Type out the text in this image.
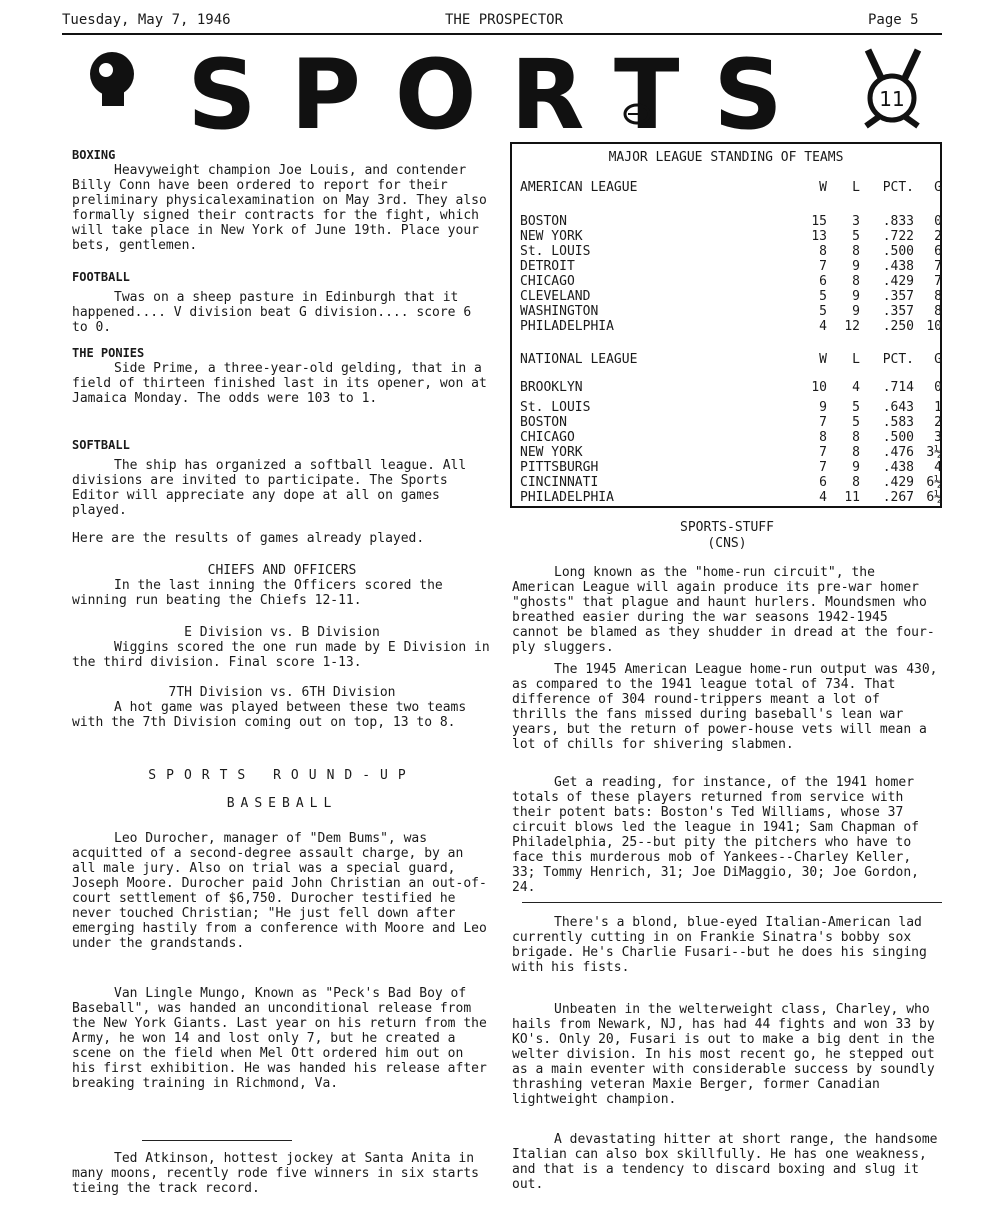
Tuesday, May 7, 1946	THE PROSPECTOR	Page 5
SPORTS	11

BOXING

Heavyweight champion Joe Louis, and contender Billy Conn have been ordered to report for their preliminary physicalexamination on May 3rd. They also formally signed their contracts for the fight, which will take place in New York of June 19th. Place your bets, gentlemen.

FOOTBALL

Twas on a sheep pasture in Edinburgh that it happened.... V division beat G division.... score 6 to 0.

THE PONIES

Side Prime, a three-year-old gelding, that in a field of thirteen finished last in its opener, won at Jamaica Monday. The odds were 103 to 1.

SOFTBALL

The ship has organized a softball league. All divisions are invited to participate. The Sports Editor will appreciate any dope at all on games played.

Here are the results of games already played.

CHIEFS AND OFFICERS

In the last inning the Officers scored the winning run beating the Chiefs 12-11.

E Division vs. B Division

Wiggins scored the one run made by E Division in the third division. Final score 1-13.

7TH Division vs. 6TH Division

A hot game was played between these two teams with the 7th Division coming out on top, 13 to 8.

SPORTS ROUND-UP

BASEBALL

Leo Durocher, manager of "Dem Bums", was acquitted of a second-degree assault charge, by an all male jury. Also on trial was a special guard, Joseph Moore. Durocher paid John Christian an out-of-court settlement of $6,750. Durocher testified he never touched Christian; "He just fell down after emerging hastily from a conference with Moore and Leo under the grandstands.

Van Lingle Mungo, Known as "Peck's Bad Boy of Baseball", was handed an unconditional release from the New York Giants. Last year on his return from the Army, he won 14 and lost only 7, but he created a scene on the field when Mel Ott ordered him out on his first exhibition. He was handed his release after breaking training in Richmond, Va.

Ted Atkinson, hottest jockey at Santa Anita in many moons, recently rode five winners in six starts tieing the track record.

MAJOR LEAGUE STANDING OF TEAMS
AMERICAN LEAGUE	W	L	PCT.	G
BOSTON	15	3	.833	0
NEW YORK	13	5	.722	2
St. LOUIS	8	8	.500	6
DETROIT	7	9	.438	7
CHICAGO	6	8	.429	7
CLEVELAND	5	9	.357	8
WASHINGTON	5	9	.357	8
PHILADELPHIA	4	12	.250 10
NATIONAL LEAGUE	W	L	PCT.	G
BROOKLYN	10	4	.714	0
St. LOUIS	9	5	.643	1
BOSTON	7	5	.583	2
CHICAGO	8	8	.500	3
NEW YORK	7	8	.476 3½
PITTSBURGH	7	9	.438	4
CINCINNATI	6	8	.429 6½
PHILADELPHIA	4	11	.267 6½

SPORTS-STUFF

(CNS)

Long known as the "home-run circuit", the American League will again produce its pre-war homer "ghosts" that plague and haunt hurlers. Moundsmen who breathed easier during the war seasons 1942-1945 cannot be blamed as they shudder in dread at the four-ply sluggers.

The 1945 American League home-run output was 430, as compared to the 1941 league total of 734. That difference of 304 round-trippers meant a lot of thrills the fans missed during baseball's lean war years, but the return of power-house vets will mean a lot of chills for shivering slabmen.

Get a reading, for instance, of the 1941 homer totals of these players returned from service with their potent bats: Boston's Ted Williams, whose 37 circuit blows led the league in 1941; Sam Chapman of Philadelphia, 25--but pity the pitchers who have to face this murderous mob of Yankees--Charley Keller, 33; Tommy Henrich, 31; Joe DiMaggio, 30; Joe Gordon, 24.

There's a blond, blue-eyed Italian-American lad currently cutting in on Frankie Sinatra's bobby sox brigade. He's Charlie Fusari--but he does his singing with his fists.

Unbeaten in the welterweight class, Charley, who hails from Newark, NJ, has had 44 fights and won 33 by KO's. Only 20, Fusari is out to make a big dent in the welter division. In his most recent go, he stepped out as a main eventer with considerable success by soundly thrashing veteran Maxie Berger, former Canadian lightweight champion.

A devastating hitter at short range, the handsome Italian can also box skillfully. He has one weakness, and that is a tendency to discard boxing and slug it out.
